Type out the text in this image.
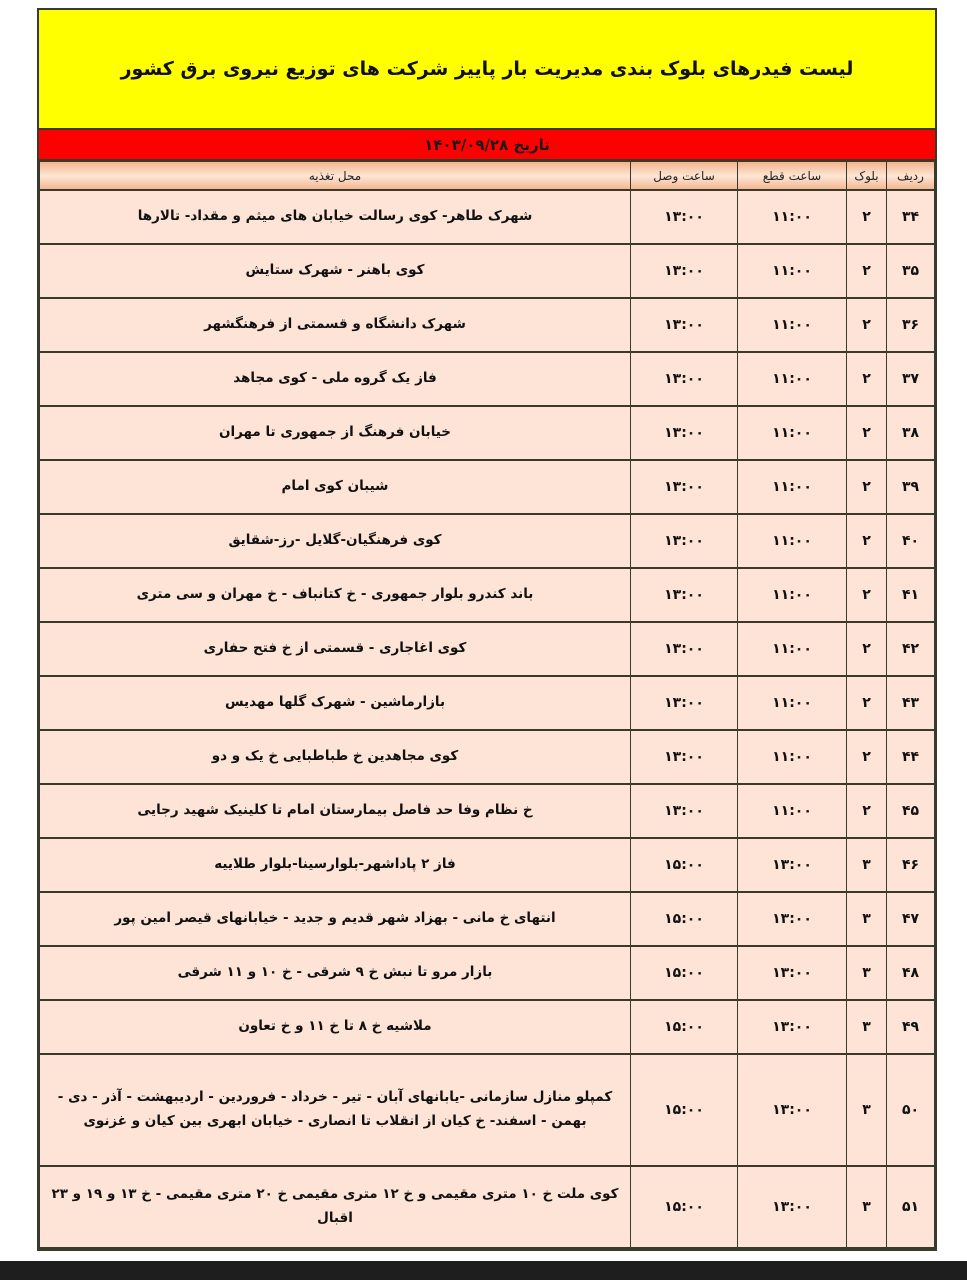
لیست فیدرهای بلوک بندی مدیریت بار پاییز شرکت های توزیع نیروی برق کشور
تاریخ ۱۴۰۳/۰۹/۲۸
ردیف	بلوک	ساعت قطع	ساعت وصل	محل تغذیه
۳۴	۲	۱۱:۰۰	۱۳:۰۰	شهرک طاهر- کوی رسالت خیابان های میثم و مقداد- تالارها
۳۵	۲	۱۱:۰۰	۱۳:۰۰	کوی باهنر - شهرک ستایش
۳۶	۲	۱۱:۰۰	۱۳:۰۰	شهرک دانشگاه و قسمتی از فرهنگشهر
۳۷	۲	۱۱:۰۰	۱۳:۰۰	فاز یک گروه ملی - کوی مجاهد
۳۸	۲	۱۱:۰۰	۱۳:۰۰	خیابان فرهنگ از جمهوری تا مهران
۳۹	۲	۱۱:۰۰	۱۳:۰۰	شیبان کوی امام
۴۰	۲	۱۱:۰۰	۱۳:۰۰	کوی فرهنگیان-گلایل -رز-شقایق
۴۱	۲	۱۱:۰۰	۱۳:۰۰	باند کندرو بلوار جمهوری - خ کتانباف - خ مهران و سی متری
۴۲	۲	۱۱:۰۰	۱۳:۰۰	کوی اغاجاری - قسمتی از خ فتح حفاری
۴۳	۲	۱۱:۰۰	۱۳:۰۰	بازارماشین - شهرک گلها مهدیس
۴۴	۲	۱۱:۰۰	۱۳:۰۰	کوی مجاهدین خ طباطبایی خ یک و دو
۴۵	۲	۱۱:۰۰	۱۳:۰۰	خ نظام وفا حد فاصل بیمارستان امام تا کلینیک شهید رجایی
۴۶	۳	۱۳:۰۰	۱۵:۰۰	فاز ۲ پاداشهر-بلوارسینا-بلوار طلاییه
۴۷	۳	۱۳:۰۰	۱۵:۰۰	انتهای خ مانی - بهزاد شهر قدیم و جدید - خیابانهای قیصر امین پور
۴۸	۳	۱۳:۰۰	۱۵:۰۰	بازار مرو تا نبش خ ۹ شرقی - خ ۱۰ و ۱۱ شرقی
۴۹	۳	۱۳:۰۰	۱۵:۰۰	ملاشیه خ ۸ تا خ ۱۱ و خ تعاون
۵۰	۳	۱۳:۰۰	۱۵:۰۰	کمپلو منازل سازمانی -یابانهای آبان - تیر - خرداد - فروردین - اردیبهشت - آذر - دی - بهمن - اسفند- خ کیان از انقلاب تا انصاری - خیابان ابهری بین کیان و غزنوی
۵۱	۳	۱۳:۰۰	۱۵:۰۰	کوی ملت خ ۱۰ متری مقیمی و خ ۱۲ متری مقیمی خ ۲۰ متری مقیمی - خ ۱۳ و ۱۹ و ۲۳ اقبال
